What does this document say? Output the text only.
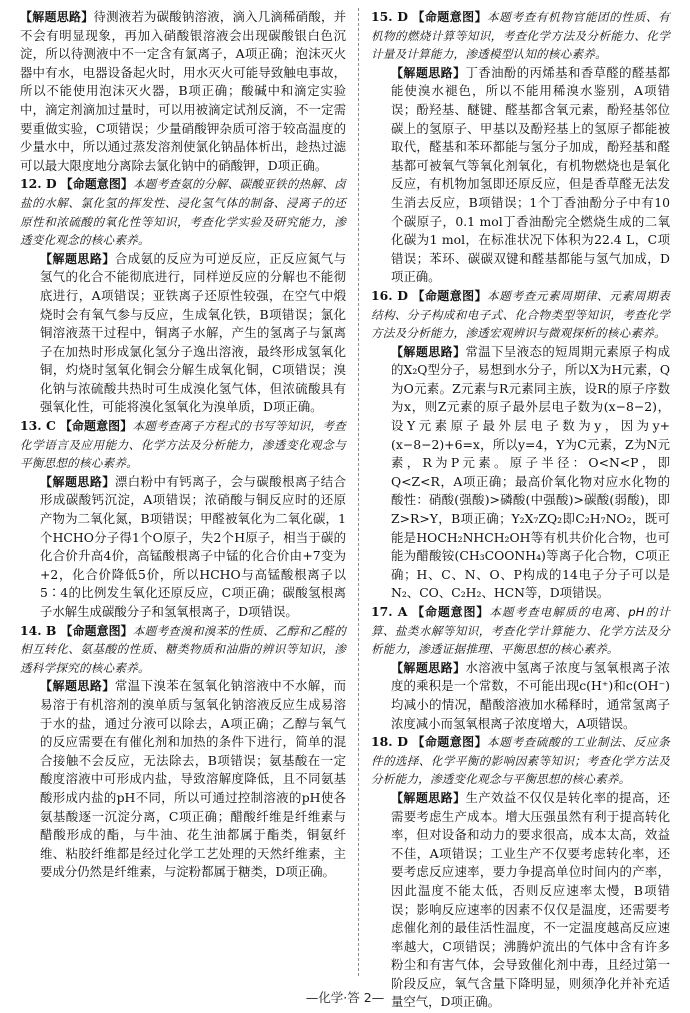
【解题思路】待测液若为碳酸钠溶液，滴入几滴稀硝酸，并不会有明显现象，再加入硝酸银溶液会出现碳酸银白色沉淀，所以待测液中不一定含有氯离子，A项正确；泡沫灭火器中有水，电器设备起火时，用水灭火可能导致触电事故，所以不能使用泡沫灭火器，B项正确；酸碱中和滴定实验中，滴定剂滴加过量时，可以用被滴定试剂反滴，不一定需要重做实验，C项错误；少量硝酸钾杂质可溶于较高温度的少量水中，所以通过蒸发溶剂使氯化钠晶体析出，趁热过滤可以最大限度地分离除去氯化钠中的硝酸钾，D项正确。

12. D 【命题意图】本题考查氨的分解、碳酸亚铁的热解、卤盐的水解、氯化氢的挥发性、浸化氢气体的制备、浸离子的还原性和浓硫酸的氧化性等知识，考查化学实验及研究能力，渗透变化观念的核心素养。

【解题思路】合成氨的反应为可逆反应，正反应氮气与氢气的化合不能彻底进行，同样逆反应的分解也不能彻底进行，A项错误；亚铁离子还原性较强，在空气中煅烧时会有氧气参与反应，生成氧化铁，B项错误；氯化铜溶液蒸干过程中，铜离子水解，产生的氢离子与氯离子在加热时形成氯化氢分子逸出溶液，最终形成氢氧化铜，灼烧时氢氧化铜会分解生成氧化铜，C项错误；溴化钠与浓硫酸共热时可生成溴化氢气体，但浓硫酸具有强氧化性，可能将溴化氢氧化为溴单质，D项正确。

13. C 【命题意图】本题考查离子方程式的书写等知识，考查化学语言及应用能力、化学方法及分析能力，渗透变化观念与平衡思想的核心素养。

【解题思路】漂白粉中有钙离子，会与碳酸根离子结合形成碳酸钙沉淀，A项错误；浓硝酸与铜反应时的还原产物为二氧化氮，B项错误；甲醛被氧化为二氧化碳，1个HCHO分子得1个O原子，失2个H原子，相当于碳的化合价升高4价，高锰酸根离子中锰的化合价由+7变为+2，化合价降低5价，所以HCHO与高锰酸根离子以5∶4的比例发生氧化还原反应，C项正确；碳酸氢根离子水解生成碳酸分子和氢氧根离子，D项错误。

14. B 【命题意图】本题考查溴和溴苯的性质、乙醇和乙醛的相互转化、氨基酸的性质、糖类物质和油脂的辨识等知识，渗透科学探究的核心素养。

【解题思路】常温下溴苯在氢氧化钠溶液中不水解，而易溶于有机溶剂的溴单质与氢氧化钠溶液反应生成易溶于水的盐，通过分液可以除去，A项正确；乙醇与氧气的反应需要在有催化剂和加热的条件下进行，简单的混合接触不会反应，无法除去，B项错误；氨基酸在一定酸度溶液中可形成内盐，导致溶解度降低，且不同氨基酸形成内盐的pH不同，所以可通过控制溶液的pH使各氨基酸逐一沉淀分离，C项正确；醋酸纤维是纤维素与醋酸形成的酯，与牛油、花生油都属于酯类，铜氨纤维、粘胶纤维都是经过化学工艺处理的天然纤维素，主要成分仍然是纤维素，与淀粉都属于糖类，D项正确。

15. D 【命题意图】本题考查有机物官能团的性质、有机物的燃烧计算等知识，考查化学方法及分析能力、化学计量及计算能力，渗透模型认知的核心素养。

【解题思路】丁香油酚的丙烯基和香草醛的醛基都能使溴水褪色，所以不能用稀溴水鉴别，A项错误；酚羟基、醚键、醛基都含氧元素，酚羟基邻位碳上的氢原子、甲基以及酚羟基上的氢原子都能被取代，醛基和苯环都能与氢分子加成，酚羟基和醛基都可被氧气等氧化剂氧化，有机物燃烧也是氧化反应，有机物加氢即还原反应，但是香草醛无法发生消去反应，B项错误；1个丁香油酚分子中有10个碳原子，0.1 mol丁香油酚完全燃烧生成的二氧化碳为1 mol，在标准状况下体积为22.4 L，C项错误；苯环、碳碳双键和醛基都能与氢气加成，D项正确。

16. D 【命题意图】本题考查元素周期律、元素周期表结构、分子构成和电子式、化合物类型等知识，考查化学方法及分析能力，渗透宏观辨识与微观探析的核心素养。

【解题思路】常温下呈液态的短周期元素原子构成的X₂Q型分子，易想到水分子，所以X为H元素，Q为O元素。Z元素与R元素同主族，设R的原子序数为x，则Z元素的原子最外层电子数为(x−8−2)，设Y元素原子最外层电子数为y，因为y+(x−8−2)+6=x，所以y=4，Y为C元素，Z为N元素，R为P元素。原子半径：O<N<P，即Q<Z<R，A项正确；最高价氧化物对应水化物的酸性：硝酸(强酸)>磷酸(中强酸)>碳酸(弱酸)，即Z>R>Y，B项正确；Y₂X₇ZQ₂即C₂H₇NO₂，既可能是HOCH₂NHCH₂OH等有机共价化合物，也可能为醋酸铵(CH₃COONH₄)等离子化合物，C项正确；H、C、N、O、P构成的14电子分子可以是N₂、CO、C₂H₂、HCN等，D项错误。

17. A 【命题意图】本题考查电解质的电离、pH的计算、盐类水解等知识，考查化学计算能力、化学方法及分析能力，渗透证据推理、平衡思想的核心素养。

【解题思路】水溶液中氢离子浓度与氢氧根离子浓度的乘积是一个常数，不可能出现c(H⁺)和c(OH⁻)均减小的情况，醋酸溶液加水稀释时，通常氢离子浓度减小而氢氧根离子浓度增大，A项错误。

18. D 【命题意图】本题考查硫酸的工业制法、反应条件的选择、化学平衡的影响因素等知识；考查化学方法及分析能力，渗透变化观念与平衡思想的核心素养。

【解题思路】生产效益不仅仅是转化率的提高，还需要考虑生产成本。增大压强虽然有利于提高转化率，但对设备和动力的要求很高，成本太高，效益不佳，A项错误；工业生产不仅要考虑转化率，还要考虑反应速率，要力争提高单位时间内的产率，因此温度不能太低，否则反应速率太慢，B项错误；影响反应速率的因素不仅仅是温度，还需要考虑催化剂的最佳活性温度，不一定温度越高反应速率越大，C项错误；沸腾炉流出的气体中含有许多粉尘和有害气体，会导致催化剂中毒，且经过第一阶段反应，氧气含量下降明显，则须净化并补充适量空气，D项正确。

—化学·答 2—
